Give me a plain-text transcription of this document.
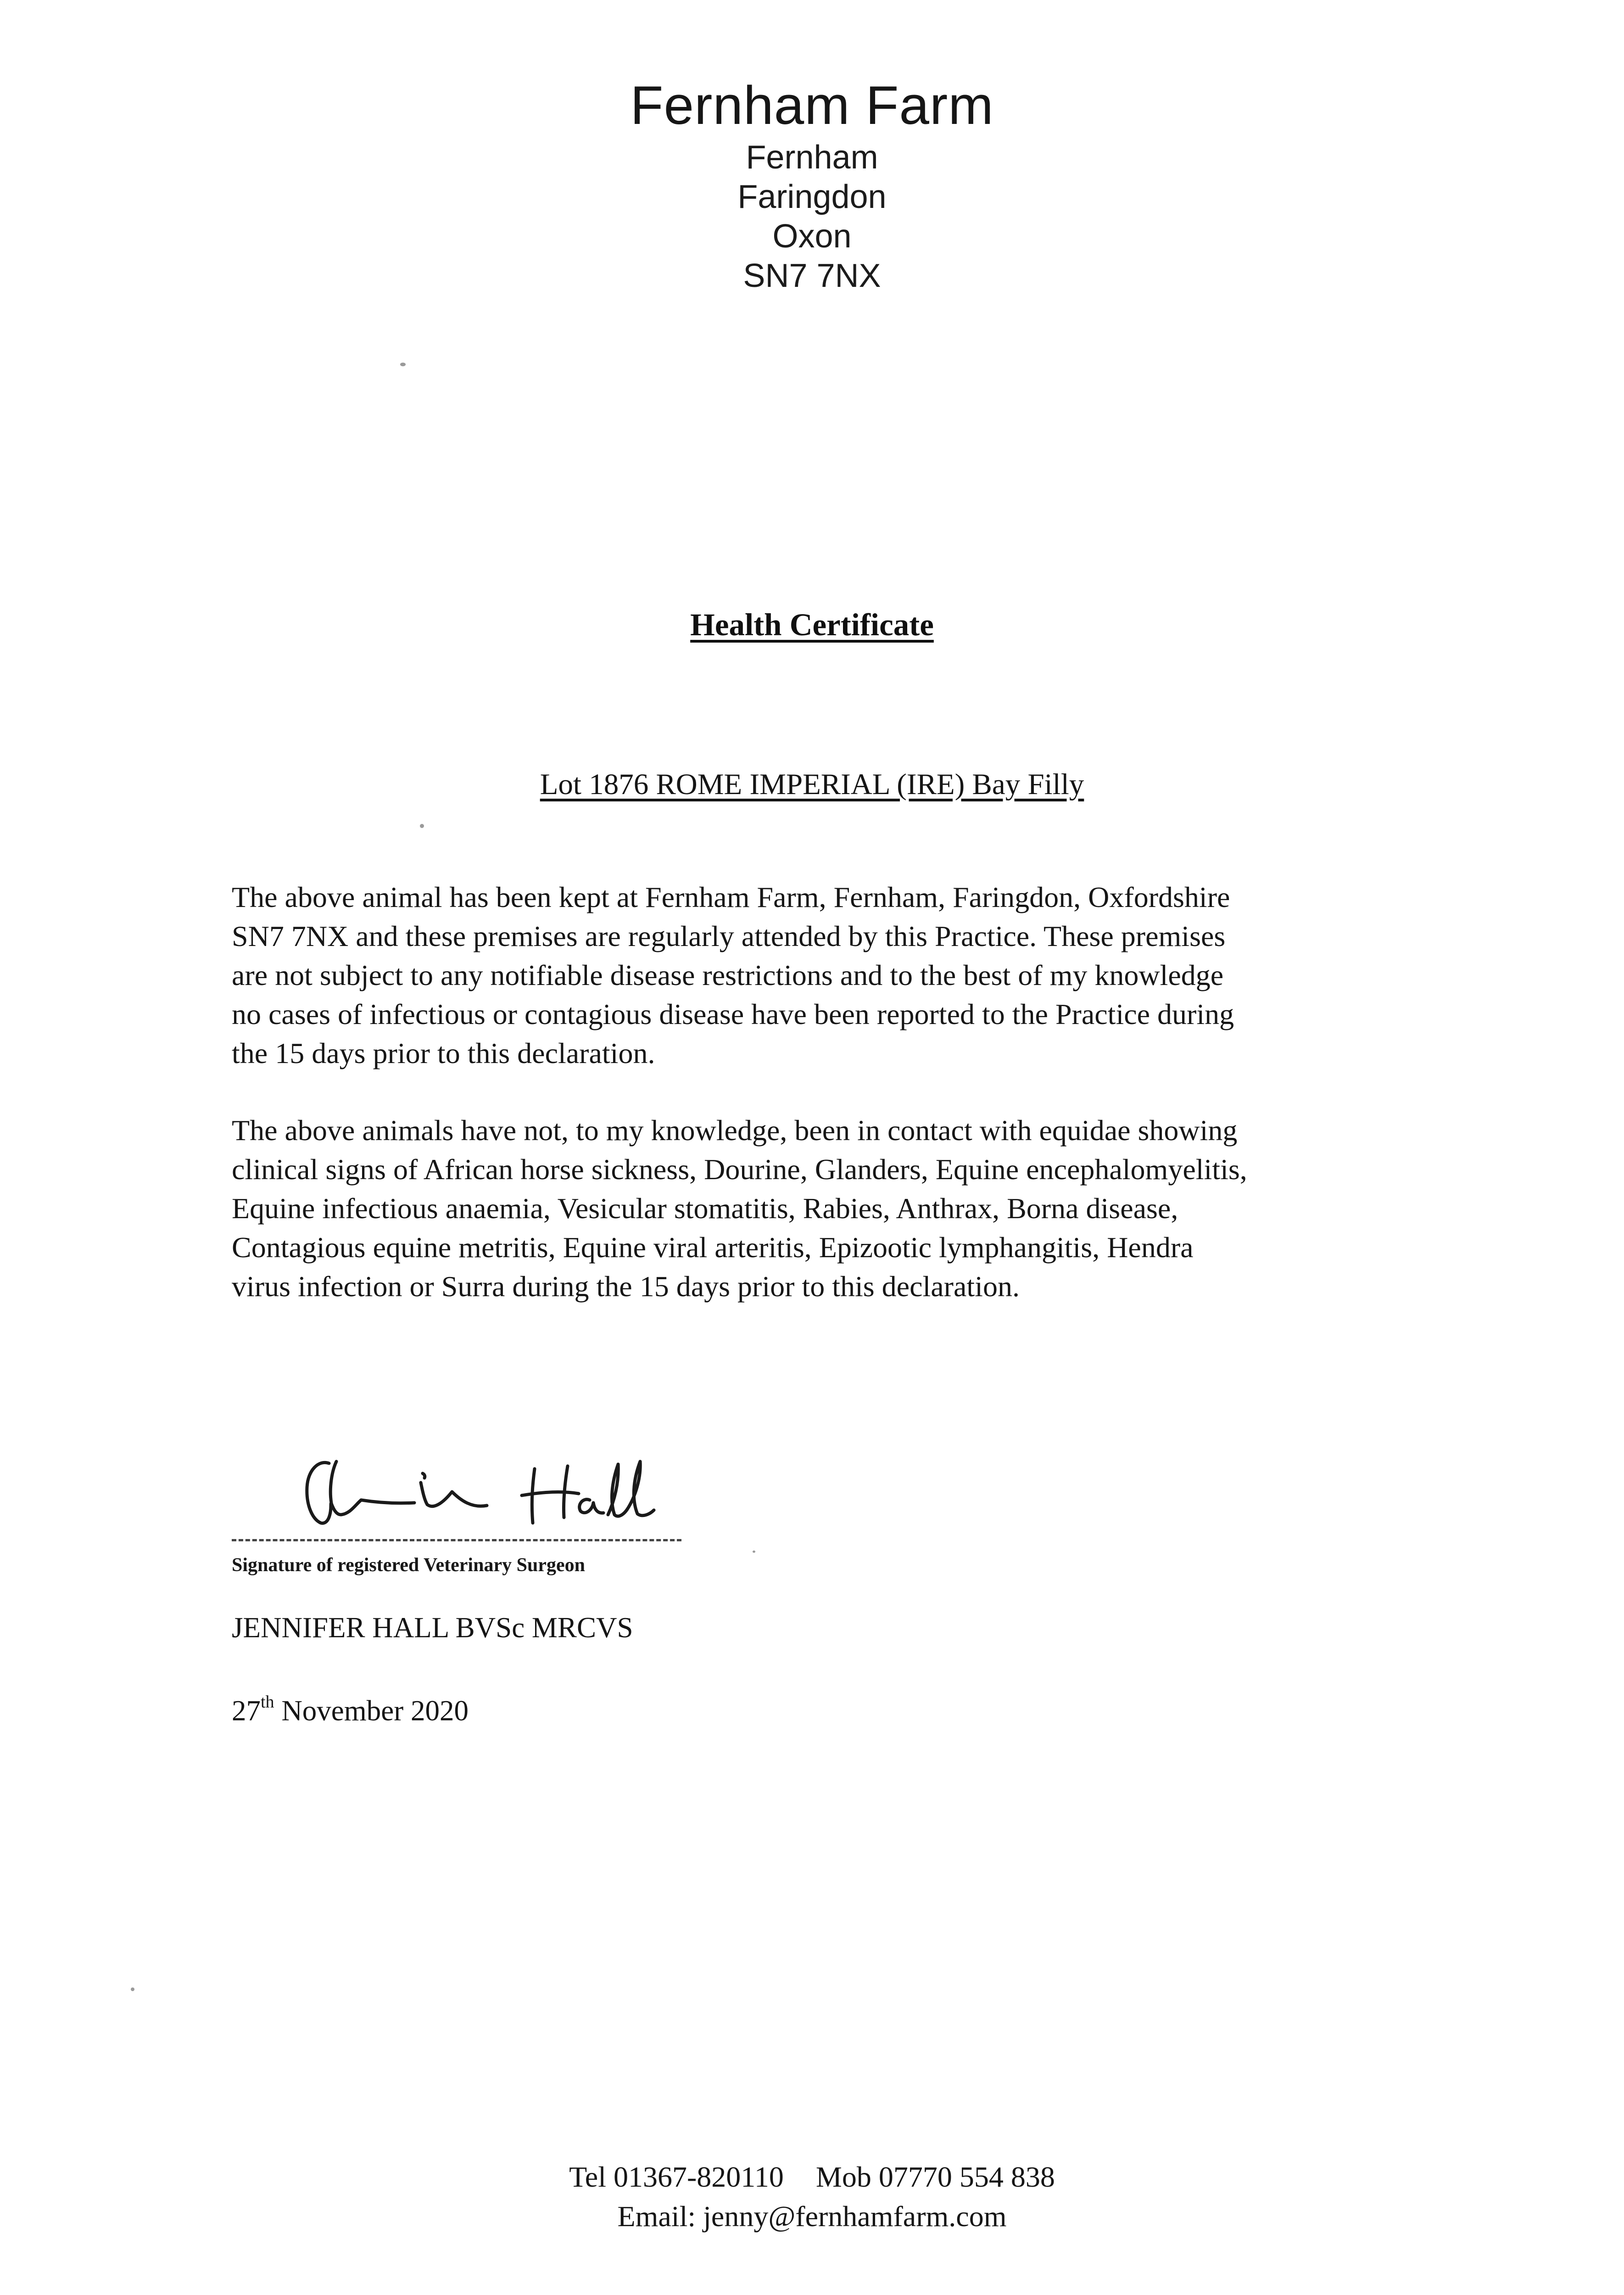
Fernham Farm
Fernham
Faringdon
Oxon
SN7 7NX
Health Certificate
Lot 1876 ROME IMPERIAL (IRE) Bay Filly
The above animal has been kept at Fernham Farm, Fernham, Faringdon, Oxfordshire
SN7 7NX and these premises are regularly attended by this Practice. These premises
are not subject to any notifiable disease restrictions and to the best of my knowledge
no cases of infectious or contagious disease have been reported to the Practice during
the 15 days prior to this declaration.
The above animals have not, to my knowledge, been in contact with equidae showing
clinical signs of African horse sickness, Dourine, Glanders, Equine encephalomyelitis,
Equine infectious anaemia, Vesicular stomatitis, Rabies, Anthrax, Borna disease,
Contagious equine metritis, Equine viral arteritis, Epizootic lymphangitis, Hendra
virus infection or Surra during the 15 days prior to this declaration.
Signature of registered Veterinary Surgeon
JENNIFER HALL BVSc MRCVS
27th November 2020
Tel 01367-820110 Mob 07770 554 838
Email: jenny@fernhamfarm.com
